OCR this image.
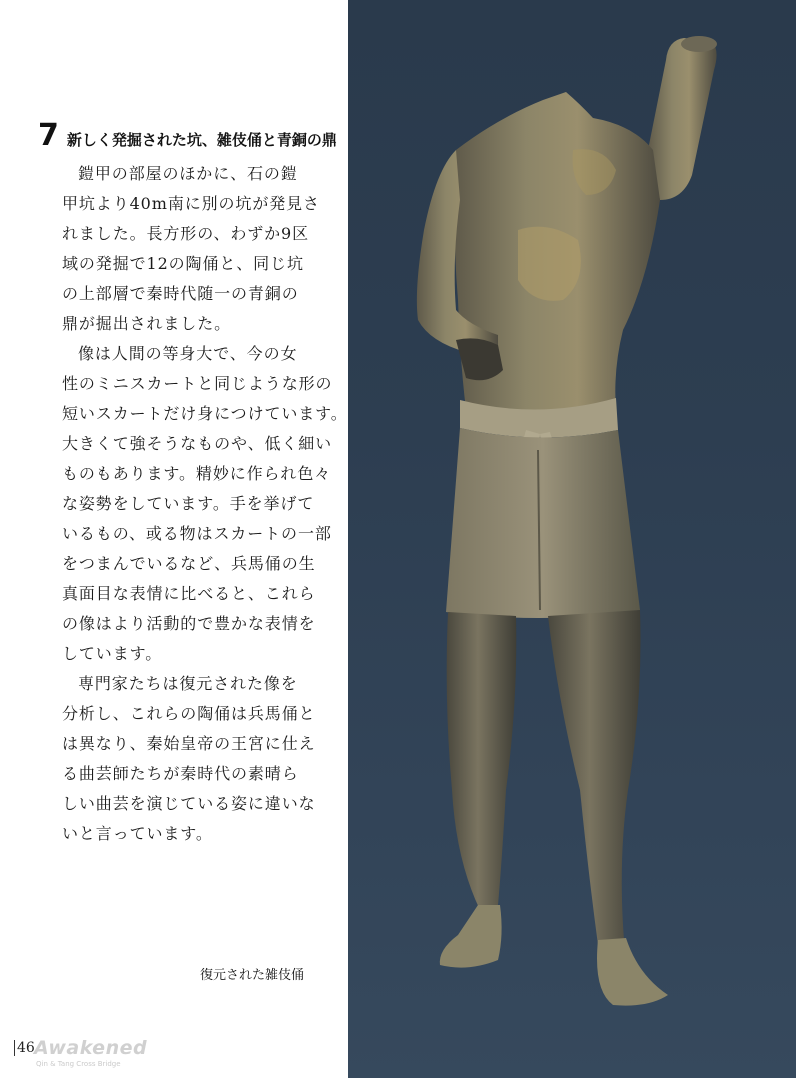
7 新しく発掘された坑、雑伎俑と青銅の鼎

鎧甲の部屋のほかに、石の鎧
甲坑より40m南に別の坑が発見さ
れました。長方形の、わずか9区
域の発掘で12の陶俑と、同じ坑
の上部層で秦時代随一の青銅の
鼎が掘出されました。

像は人間の等身大で、今の女
性のミニスカートと同じような形の
短いスカートだけ身につけています。
大きくて強そうなものや、低く細い
ものもあります。精妙に作られ色々
な姿勢をしています。手を挙げて
いるもの、或る物はスカートの一部
をつまんでいるなど、兵馬俑の生
真面目な表情に比べると、これら
の像はより活動的で豊かな表情を
しています。

専門家たちは復元された像を
分析し、これらの陶俑は兵馬俑と
は異なり、秦始皇帝の王宮に仕え
る曲芸師たちが秦時代の素晴ら
しい曲芸を演じている姿に違いな
いと言っています。

復元された雑伎俑
46 Awakened
Qin & Tang Cross Bridge
